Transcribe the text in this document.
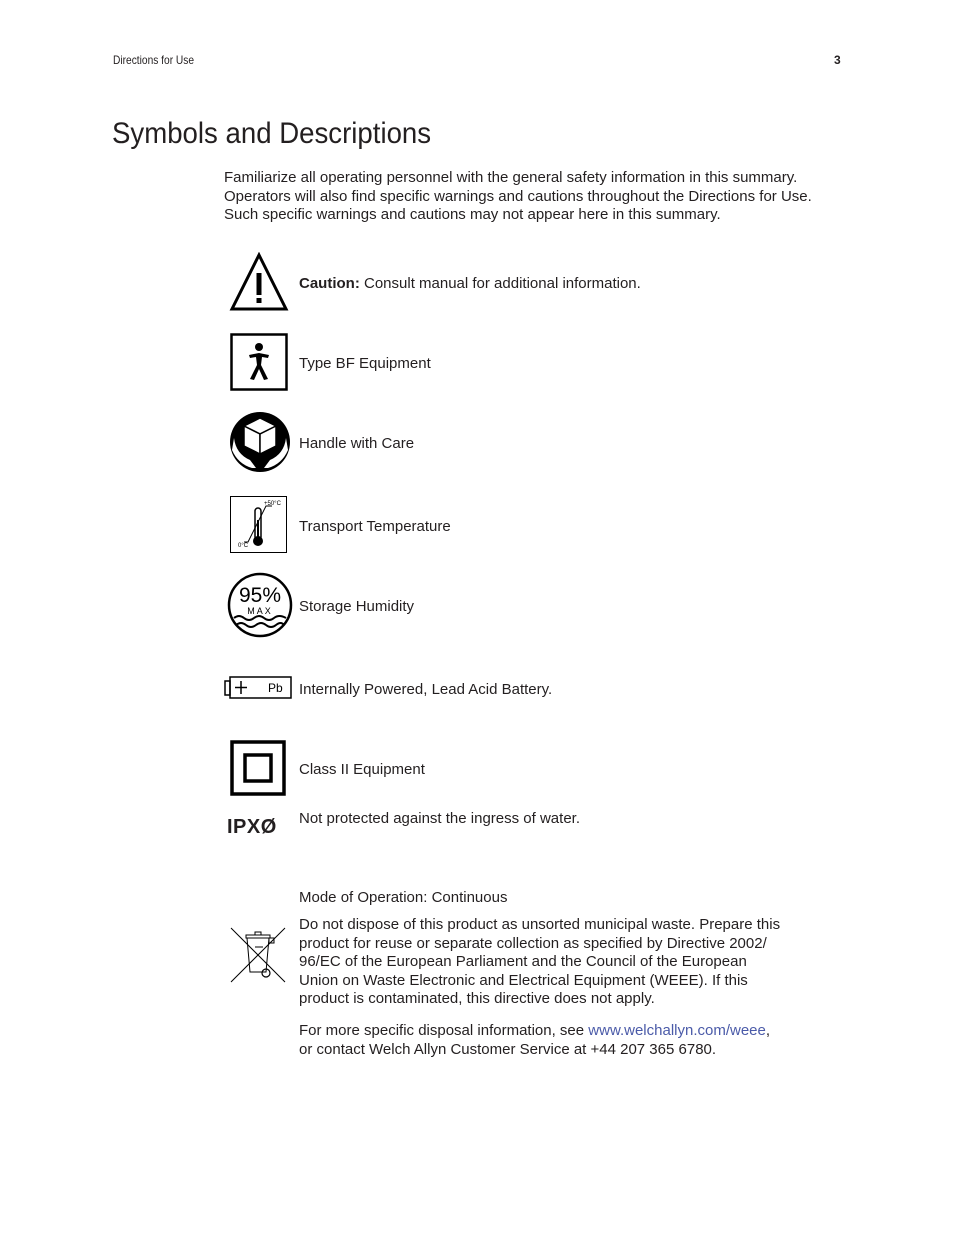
Directions for Use	3
Symbols and Descriptions
Familiarize all operating personnel with the general safety information in this summary.
Operators will also find specific warnings and cautions throughout the Directions for Use.
Such specific warnings and cautions may not appear here in this summary.
Caution: Consult manual for additional information.
Type BF Equipment
Handle with Care
+50°C
0°C
Transport Temperature
95%
MAX Storage Humidity
Pb Internally Powered, Lead Acid Battery.
Class II Equipment
IPXØ Not protected against the ingress of water.
Mode of Operation: Continuous
Do not dispose of this product as unsorted municipal waste. Prepare this
product for reuse or separate collection as specified by Directive 2002/
96/EC of the European Parliament and the Council of the European
Union on Waste Electronic and Electrical Equipment (WEEE). If this
product is contaminated, this directive does not apply.
For more specific disposal information, see www.welchallyn.com/weee,
or contact Welch Allyn Customer Service at +44 207 365 6780.
